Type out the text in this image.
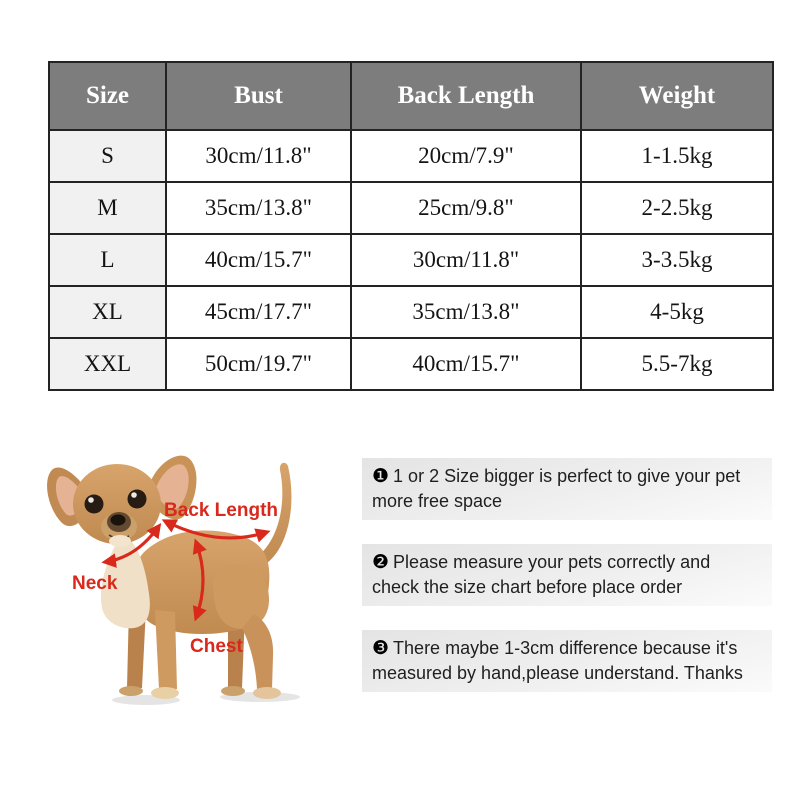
Size	Bust	Back Length	Weight
S	30cm/11.8"	20cm/7.9"	1-1.5kg
M	35cm/13.8"	25cm/9.8"	2-2.5kg
L	40cm/15.7"	30cm/11.8"	3-3.5kg
XL	45cm/17.7"	35cm/13.8"	4-5kg
XXL	50cm/19.7"	40cm/15.7"	5.5-7kg
Back Length
Neck
Chest
❶ 1 or 2 Size bigger is perfect to give your pet more free space
❷ Please measure your pets correctly and check the size chart before place order
❸ There maybe 1-3cm difference because it's measured by hand,please understand. Thanks
